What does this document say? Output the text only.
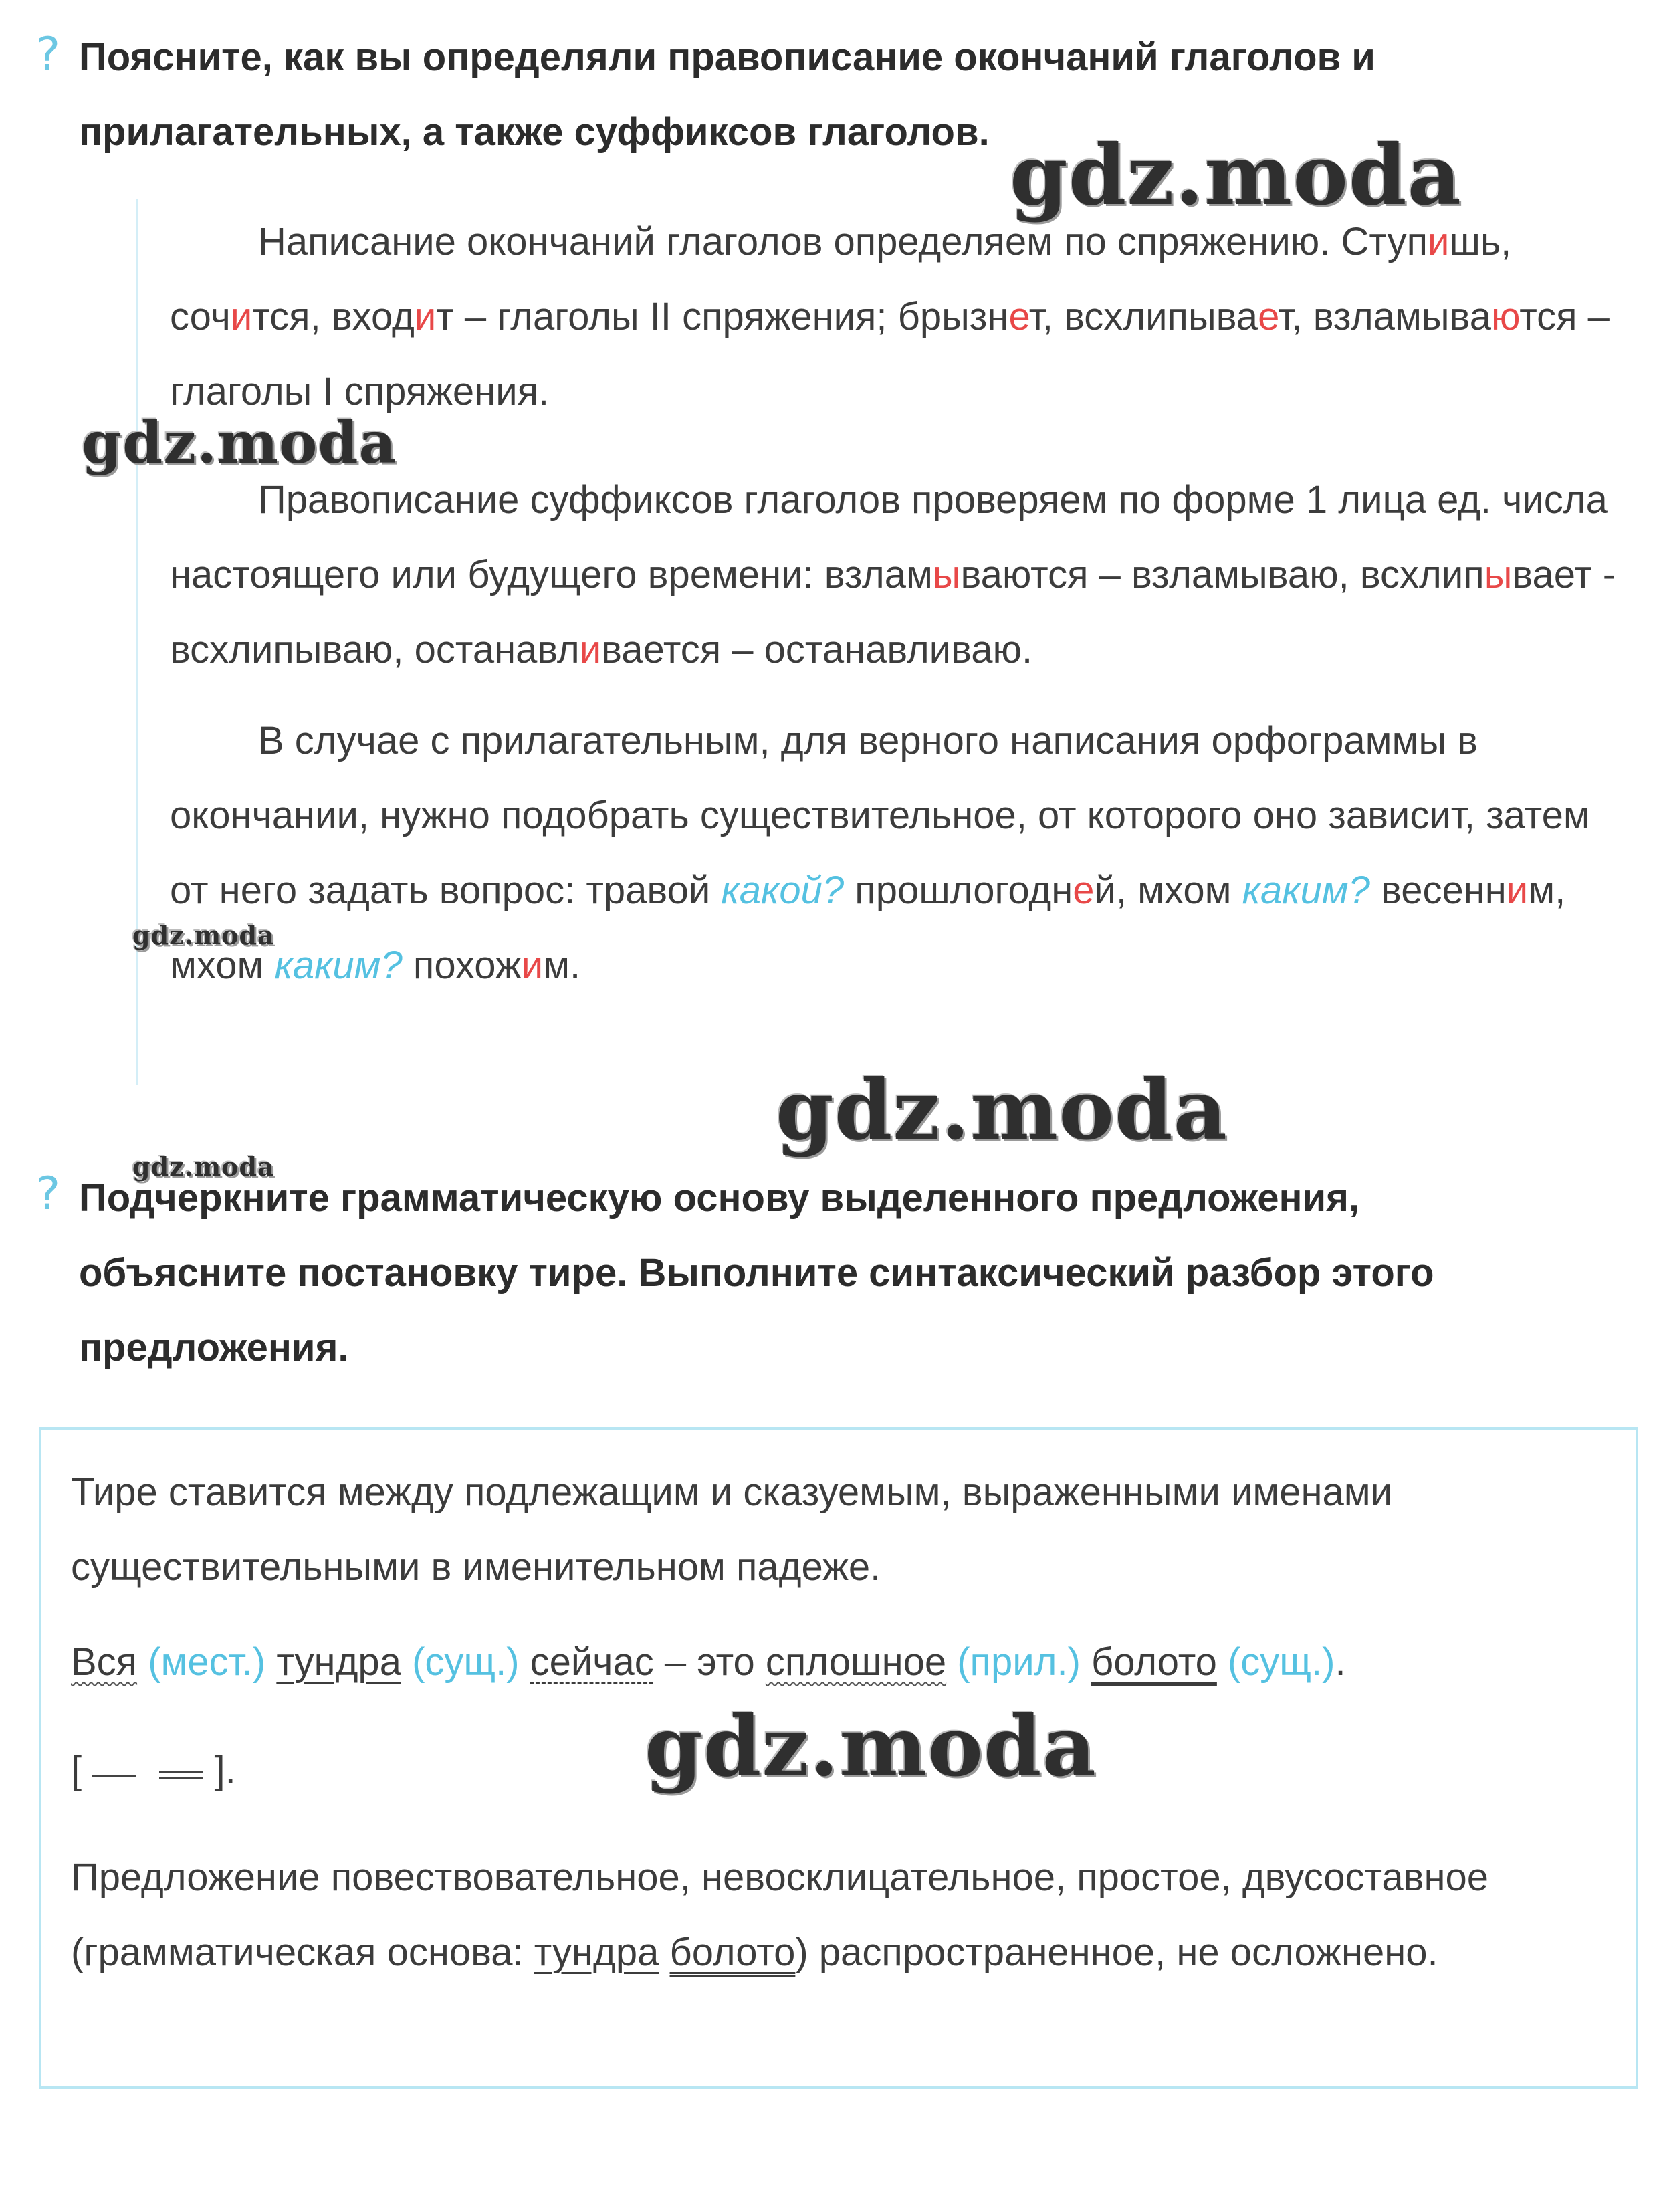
? Поясните, как вы определяли правописание окончаний глаголов и прилагательных, а также суффиксов глаголов.

Написание окончаний глаголов определяем по спряжению. Ступишь, сочится, входит – глаголы II спряжения; брызнет, всхлипывает, взламываются – глаголы I спряжения.

Правописание суффиксов глаголов проверяем по форме 1 лица ед. числа настоящего или будущего времени: взламываются – взламываю, всхлипывает - всхлипываю, останавливается – останавливаю.

В случае с прилагательным, для верного написания орфограммы в окончании, нужно подобрать существительное, от которого оно зависит, затем от него задать вопрос: травой какой? прошлогодней, мхом каким? весенним, мхом каким? похожим.

? Подчеркните грамматическую основу выделенного предложения, объясните постановку тире. Выполните синтаксический разбор этого предложения.

Тире ставится между подлежащим и сказуемым, выраженными именами существительными в именительном падеже.

Вся (мест.) тундра (сущ.) сейчас – это сплошное (прил.) болото (сущ.).

[	].

Предложение повествовательное, невосклицательное, простое, двусоставное (грамматическая основа: тундра болото) распространенное, не осложнено.

gdz.moda
gdz.moda
gdz.moda
gdz.moda
gdz.moda
gdz.moda
